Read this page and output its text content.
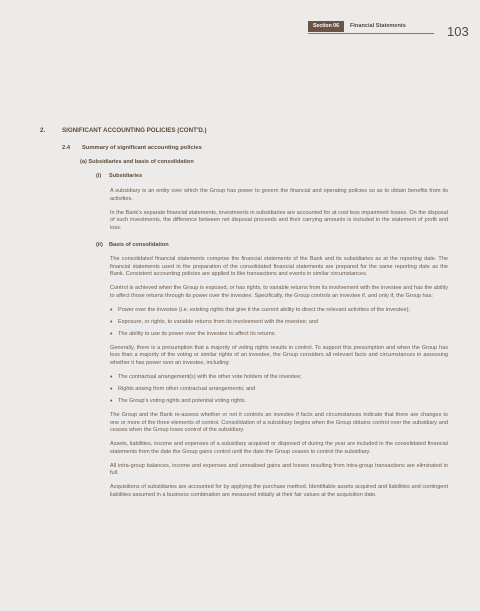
Section 06	Financial Statements	103
2.	SIGNIFICANT ACCOUNTING POLICIES (CONT'D.)
2.4 Summary of significant accounting policies
(a) Subsidiaries and basis of consolidation
(i) Subsidiaries

A subsidiary is an entity over which the Group has power to govern the financial and operating policies so as to obtain benefits from its activities.

In the Bank's separate financial statements, investments in subsidiaries are accounted for at cost less impairment losses. On the disposal of such investments, the difference between net disposal proceeds and their carrying amounts is included in the statement of profit and loss.

(ii) Basis of consolidation

The consolidated financial statements comprise the financial statements of the Bank and its subsidiaries as at the reporting date. The financial statements used in the preparation of the consolidated financial statements are prepared for the same reporting date as the Bank. Consistent accounting policies are applied to like transactions and events in similar circumstances.

Control is achieved when the Group is exposed, or has rights, to variable returns from its involvement with the investee and has the ability to affect those returns through its power over the investee. Specifically, the Group controls an investee if, and only if, the Group has:

• Power over the investee (i.e. existing rights that give it the current ability to direct the relevant activities of the investee);
• Exposure, or rights, to variable returns from its involvement with the investee; and
• The ability to use its power over the investee to affect its returns.

Generally, there is a presumption that a majority of voting rights results in control. To support this presumption and when the Group has less than a majority of the voting or similar rights of an investee, the Group considers all relevant facts and circumstances in assessing whether it has power over an investee, including:

• The contractual arrangement(s) with the other vote holders of the investee;
• Rights arising from other contractual arrangements; and
• The Group's voting rights and potential voting rights.

The Group and the Bank re-assess whether or not it controls an investee if facts and circumstances indicate that there are changes to one or more of the three elements of control. Consolidation of a subsidiary begins when the Group obtains control over the subsidiary and ceases when the Group loses control of the subsidiary.

Assets, liabilities, income and expenses of a subsidiary acquired or disposed of during the year are included in the consolidated financial statements from the date the Group gains control until the date the Group ceases to control the subsidiary.

All intra-group balances, income and expenses and unrealised gains and losses resulting from intra-group transactions are eliminated in full.

Acquisitions of subsidiaries are accounted for by applying the purchase method. Identifiable assets acquired and liabilities and contingent liabilities assumed in a business combination are measured initially at their fair values at the acquisition date.
